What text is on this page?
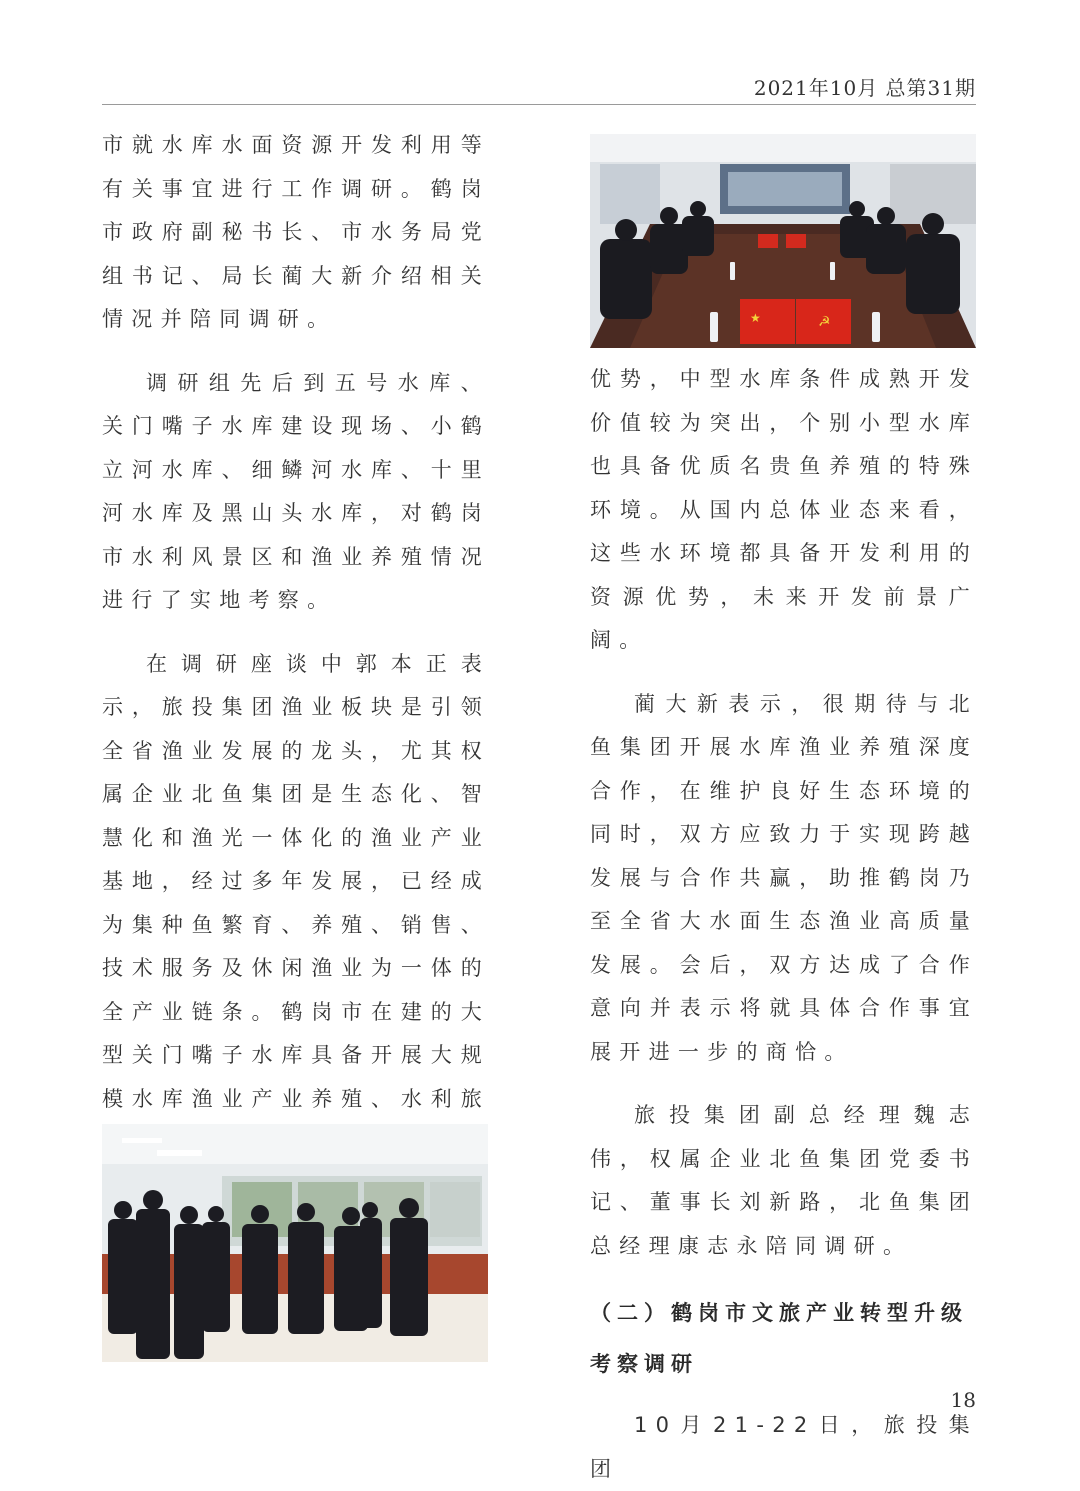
2021年10月 总第31期

市就水库水面资源开发利用等有关事宜进行工作调研。鹤岗市政府副秘书长、市水务局党组书记、局长蔺大新介绍相关情况并陪同调研。

调研组先后到五号水库、关门嘴子水库建设现场、小鹤立河水库、细鳞河水库、十里河水库及黑山头水库，对鹤岗市水利风景区和渔业养殖情况进行了实地考察。

在调研座谈中郭本正表示，旅投集团渔业板块是引领全省渔业发展的龙头，尤其权属企业北鱼集团是生态化、智慧化和渔光一体化的渔业产业基地，经过多年发展，已经成为集种鱼繁育、养殖、销售、技术服务及休闲渔业为一体的全产业链条。鹤岗市在建的大型关门嘴子水库具备开展大规模水库渔业产业养殖、水利旅

★	☭

优势，中型水库条件成熟开发价值较为突出，个别小型水库也具备优质名贵鱼养殖的特殊环境。从国内总体业态来看，这些水环境都具备开发利用的资源优势，未来开发前景广阔。

蔺大新表示，很期待与北鱼集团开展水库渔业养殖深度合作，在维护良好生态环境的同时，双方应致力于实现跨越发展与合作共赢，助推鹤岗乃至全省大水面生态渔业高质量发展。会后，双方达成了合作意向并表示将就具体合作事宜展开进一步的商恰。

旅投集团副总经理魏志伟，权属企业北鱼集团党委书记、董事长刘新路，北鱼集团总经理康志永陪同调研。

（二）鹤岗市文旅产业转型升级考察调研

10月21-22日，旅投集团

18
